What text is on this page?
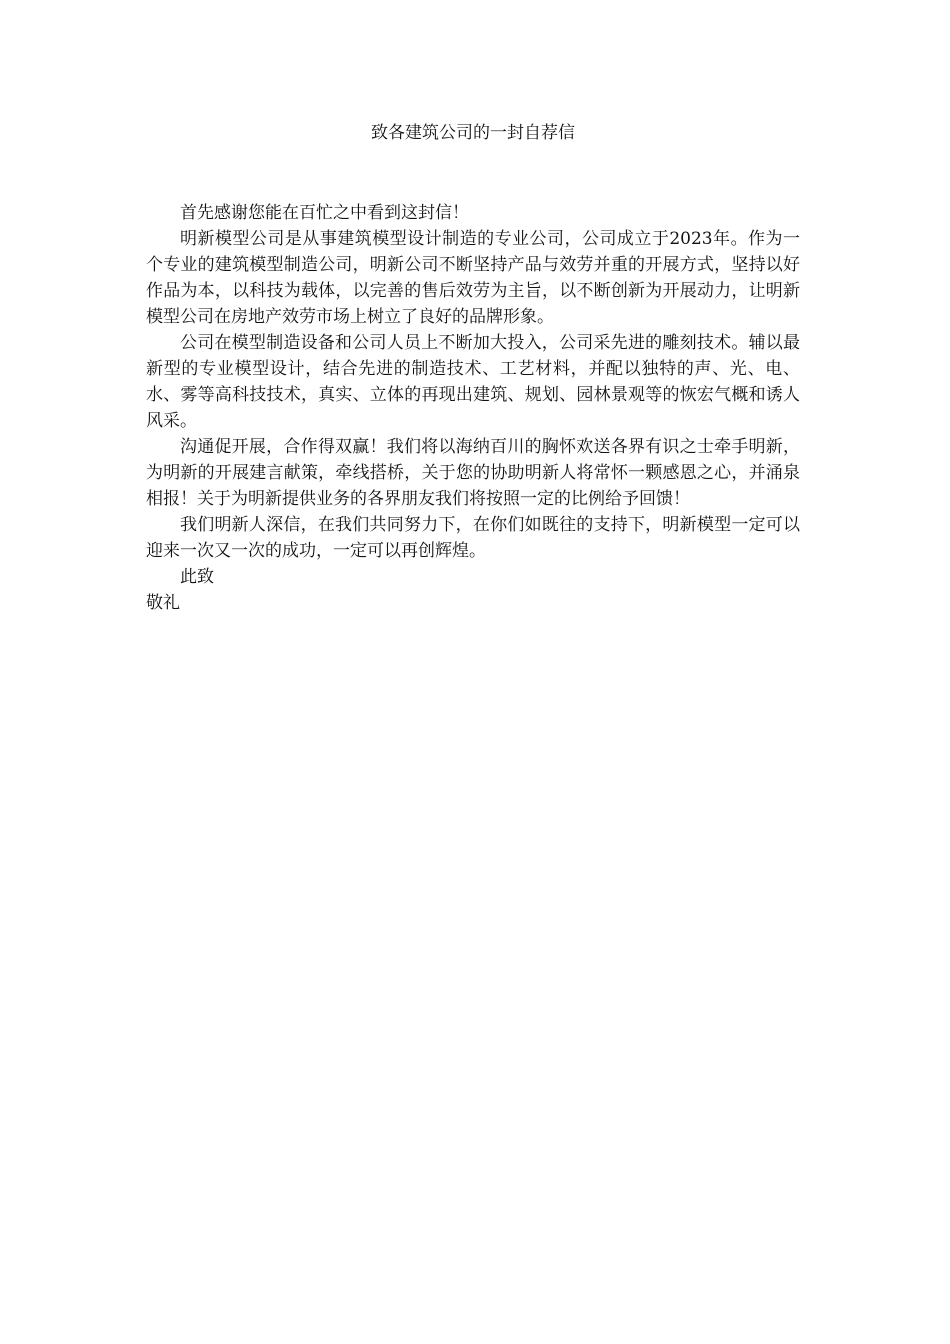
致各建筑公司的一封自荐信

首先感谢您能在百忙之中看到这封信！

明新模型公司是从事建筑模型设计制造的专业公司，公司成立于2023年。作为一个专业的建筑模型制造公司，明新公司不断坚持产品与效劳并重的开展方式，坚持以好作品为本，以科技为载体，以完善的售后效劳为主旨，以不断创新为开展动力，让明新模型公司在房地产效劳市场上树立了良好的品牌形象。

公司在模型制造设备和公司人员上不断加大投入，公司采先进的雕刻技术。辅以最新型的专业模型设计，结合先进的制造技术、工艺材料，并配以独特的声、光、电、水、雾等高科技技术，真实、立体的再现出建筑、规划、园林景观等的恢宏气概和诱人风采。

沟通促开展，合作得双赢！我们将以海纳百川的胸怀欢送各界有识之士牵手明新，为明新的开展建言献策，牵线搭桥，关于您的协助明新人将常怀一颗感恩之心，并涌泉相报！关于为明新提供业务的各界朋友我们将按照一定的比例给予回馈！

我们明新人深信，在我们共同努力下，在你们如既往的支持下，明新模型一定可以迎来一次又一次的成功，一定可以再创辉煌。

此致

敬礼
